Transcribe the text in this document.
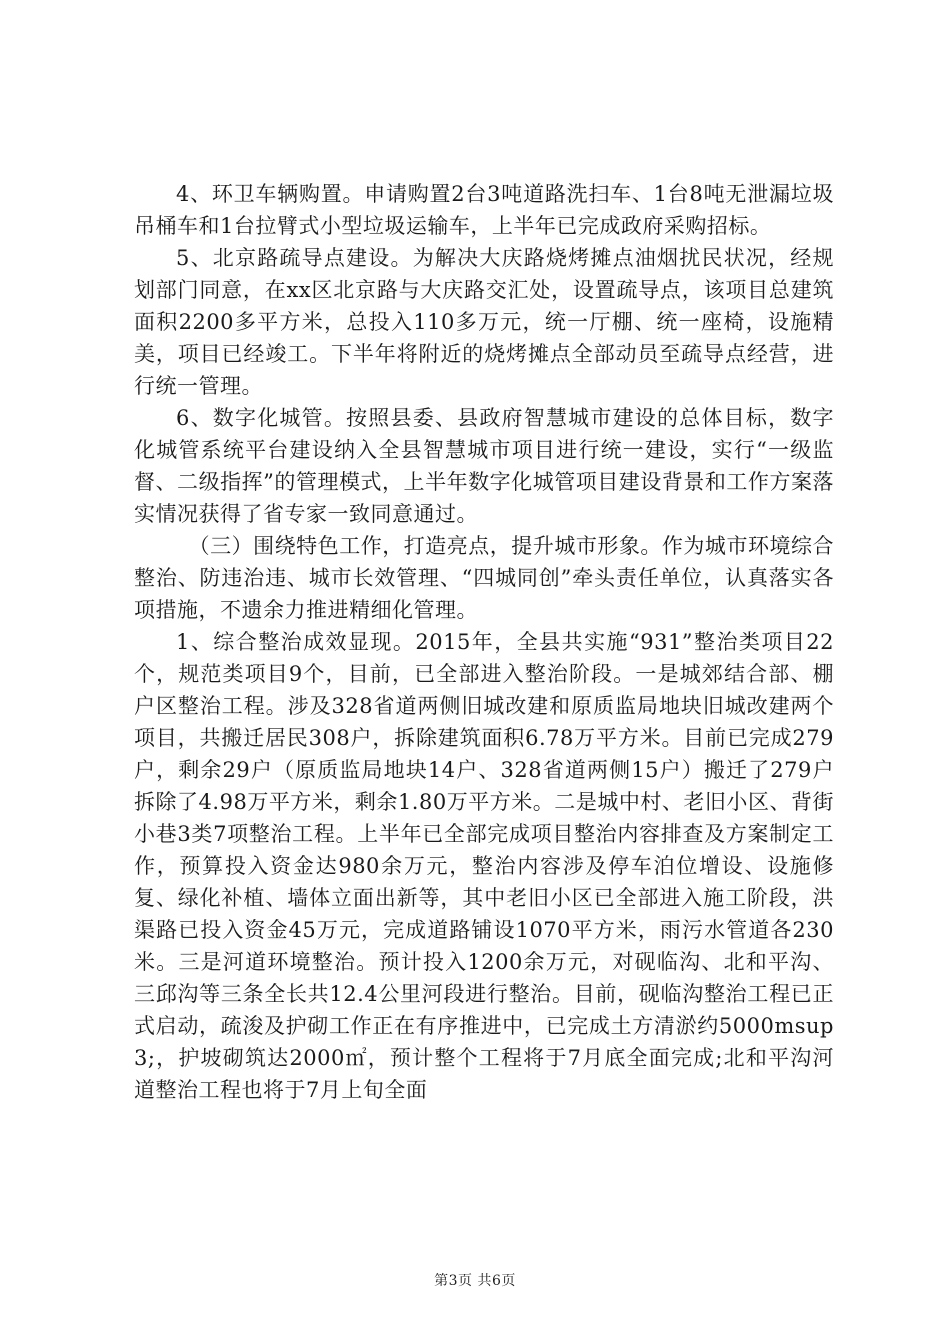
4、环卫车辆购置。申请购置2台3吨道路洗扫车、1台8吨无泄漏垃圾吊桶车和1台拉臂式小型垃圾运输车，上半年已完成政府采购招标。

5、北京路疏导点建设。为解决大庆路烧烤摊点油烟扰民状况，经规划部门同意，在xx区北京路与大庆路交汇处，设置疏导点，该项目总建筑面积2200多平方米，总投入110多万元，统一厅棚、统一座椅，设施精美，项目已经竣工。下半年将附近的烧烤摊点全部动员至疏导点经营，进行统一管理。

6、数字化城管。按照县委、县政府智慧城市建设的总体目标，数字化城管系统平台建设纳入全县智慧城市项目进行统一建设，实行“一级监督、二级指挥”的管理模式，上半年数字化城管项目建设背景和工作方案落实情况获得了省专家一致同意通过。

（三）围绕特色工作，打造亮点，提升城市形象。作为城市环境综合整治、防违治违、城市长效管理、“四城同创”牵头责任单位，认真落实各项措施，不遗余力推进精细化管理。

1、综合整治成效显现。2015年，全县共实施“931”整治类项目22个，规范类项目9个，目前，已全部进入整治阶段。一是城郊结合部、棚户区整治工程。涉及328省道两侧旧城改建和原质监局地块旧城改建两个项目，共搬迁居民308户，拆除建筑面积6.78万平方米。目前已完成279户，剩余29户（原质监局地块14户、328省道两侧15户）搬迁了279户拆除了4.98万平方米，剩余1.80万平方米。二是城中村、老旧小区、背街小巷3类7项整治工程。上半年已全部完成项目整治内容排查及方案制定工作，预算投入资金达980余万元，整治内容涉及停车泊位增设、设施修复、绿化补植、墙体立面出新等，其中老旧小区已全部进入施工阶段，洪渠路已投入资金45万元，完成道路铺设1070平方米，雨污水管道各230米。三是河道环境整治。预计投入1200余万元，对砚临沟、北和平沟、三邱沟等三条全长共12.4公里河段进行整治。目前，砚临沟整治工程已正式启动，疏浚及护砌工作正在有序推进中，已完成土方清淤约5000msup3;，护坡砌筑达2000㎡，预计整个工程将于7月底全面完成;北和平沟河道整治工程也将于7月上旬全面

第3页 共6页
